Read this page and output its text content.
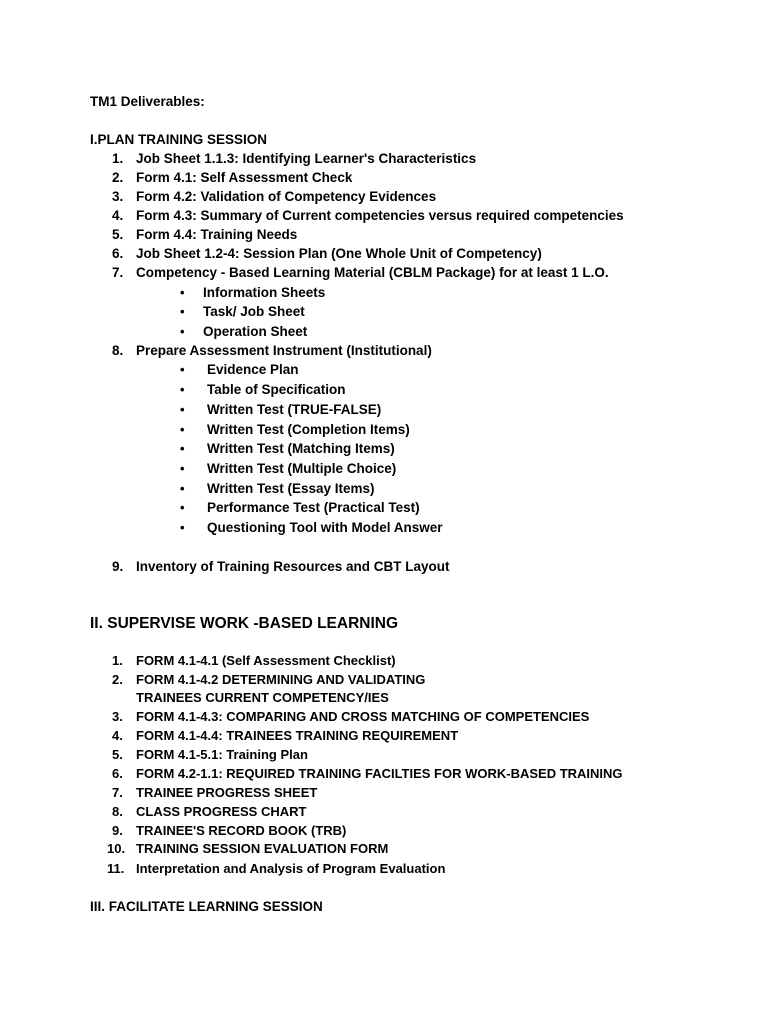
TM1 Deliverables:
I.PLAN TRAINING SESSION
1. Job Sheet 1.1.3: Identifying Learner's Characteristics
2. Form 4.1: Self Assessment Check
3. Form 4.2: Validation of Competency Evidences
4. Form 4.3: Summary of Current competencies versus required competencies
5. Form 4.4: Training Needs
6. Job Sheet 1.2-4: Session Plan (One Whole Unit of Competency)
7. Competency - Based Learning Material (CBLM Package) for at least 1 L.O.
• Information Sheets
• Task/ Job Sheet
• Operation Sheet
8. Prepare Assessment Instrument (Institutional)
• Evidence Plan
• Table of Specification
• Written Test (TRUE-FALSE)
• Written Test (Completion Items)
• Written Test (Matching Items)
• Written Test (Multiple Choice)
• Written Test (Essay Items)
• Performance Test (Practical Test)
• Questioning Tool with Model Answer
9. Inventory of Training Resources and CBT Layout
II. SUPERVISE WORK -BASED LEARNING
1.	FORM 4.1-4.1 (Self Assessment Checklist)
2.	FORM 4.1-4.2 DETERMINING AND VALIDATING
TRAINEES CURRENT COMPETENCY/IES
3.	FORM 4.1-4.3: COMPARING AND CROSS MATCHING OF COMPETENCIES
4.	FORM 4.1-4.4: TRAINEES TRAINING REQUIREMENT
5.	FORM 4.1-5.1: Training Plan
6.	FORM 4.2-1.1: REQUIRED TRAINING FACILTIES FOR WORK-BASED TRAINING
7.	TRAINEE PROGRESS SHEET
8.	CLASS PROGRESS CHART
9.	TRAINEE'S RECORD BOOK (TRB)
10. TRAINING SESSION EVALUATION FORM
11. Interpretation and Analysis of Program Evaluation
III. FACILITATE LEARNING SESSION
